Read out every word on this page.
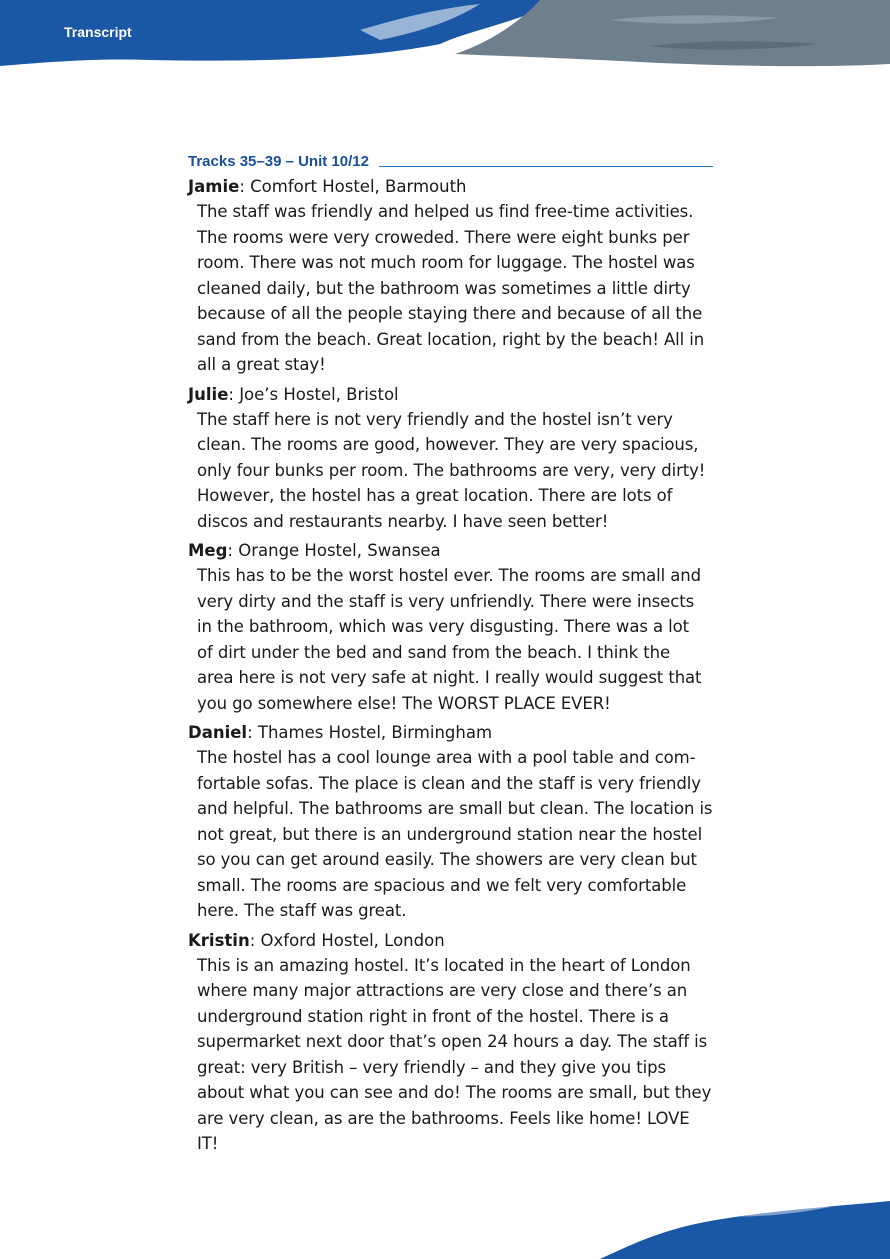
Transcript
Tracks 35–39 – Unit 10/12
Jamie: Comfort Hostel, Barmouth
The staff was friendly and helped us find free-time activities.
The rooms were very croweded. There were eight bunks per
room. There was not much room for luggage. The hostel was
cleaned daily, but the bathroom was sometimes a little dirty
because of all the people staying there and because of all the
sand from the beach. Great location, right by the beach! All in
all a great stay!
Julie: Joe’s Hostel, Bristol
The staff here is not very friendly and the hostel isn’t very
clean. The rooms are good, however. They are very spacious,
only four bunks per room. The bathrooms are very, very dirty!
However, the hostel has a great location. There are lots of
discos and restaurants nearby. I have seen better!
Meg: Orange Hostel, Swansea
This has to be the worst hostel ever. The rooms are small and
very dirty and the staff is very unfriendly. There were insects
in the bathroom, which was very disgusting. There was a lot
of dirt under the bed and sand from the beach. I think the
area here is not very safe at night. I really would suggest that
you go somewhere else! The WORST PLACE EVER!
Daniel: Thames Hostel, Birmingham
The hostel has a cool lounge area with a pool table and com-
fortable sofas. The place is clean and the staff is very friendly
and helpful. The bathrooms are small but clean. The location is
not great, but there is an underground station near the hostel
so you can get around easily. The showers are very clean but
small. The rooms are spacious and we felt very comfortable
here. The staff was great.
Kristin: Oxford Hostel, London
This is an amazing hostel. It’s located in the heart of London
where many major attractions are very close and there’s an
underground station right in front of the hostel. There is a
supermarket next door that’s open 24 hours a day. The staff is
great: very British – very friendly – and they give you tips
about what you can see and do! The rooms are small, but they
are very clean, as are the bathrooms. Feels like home! LOVE IT!
